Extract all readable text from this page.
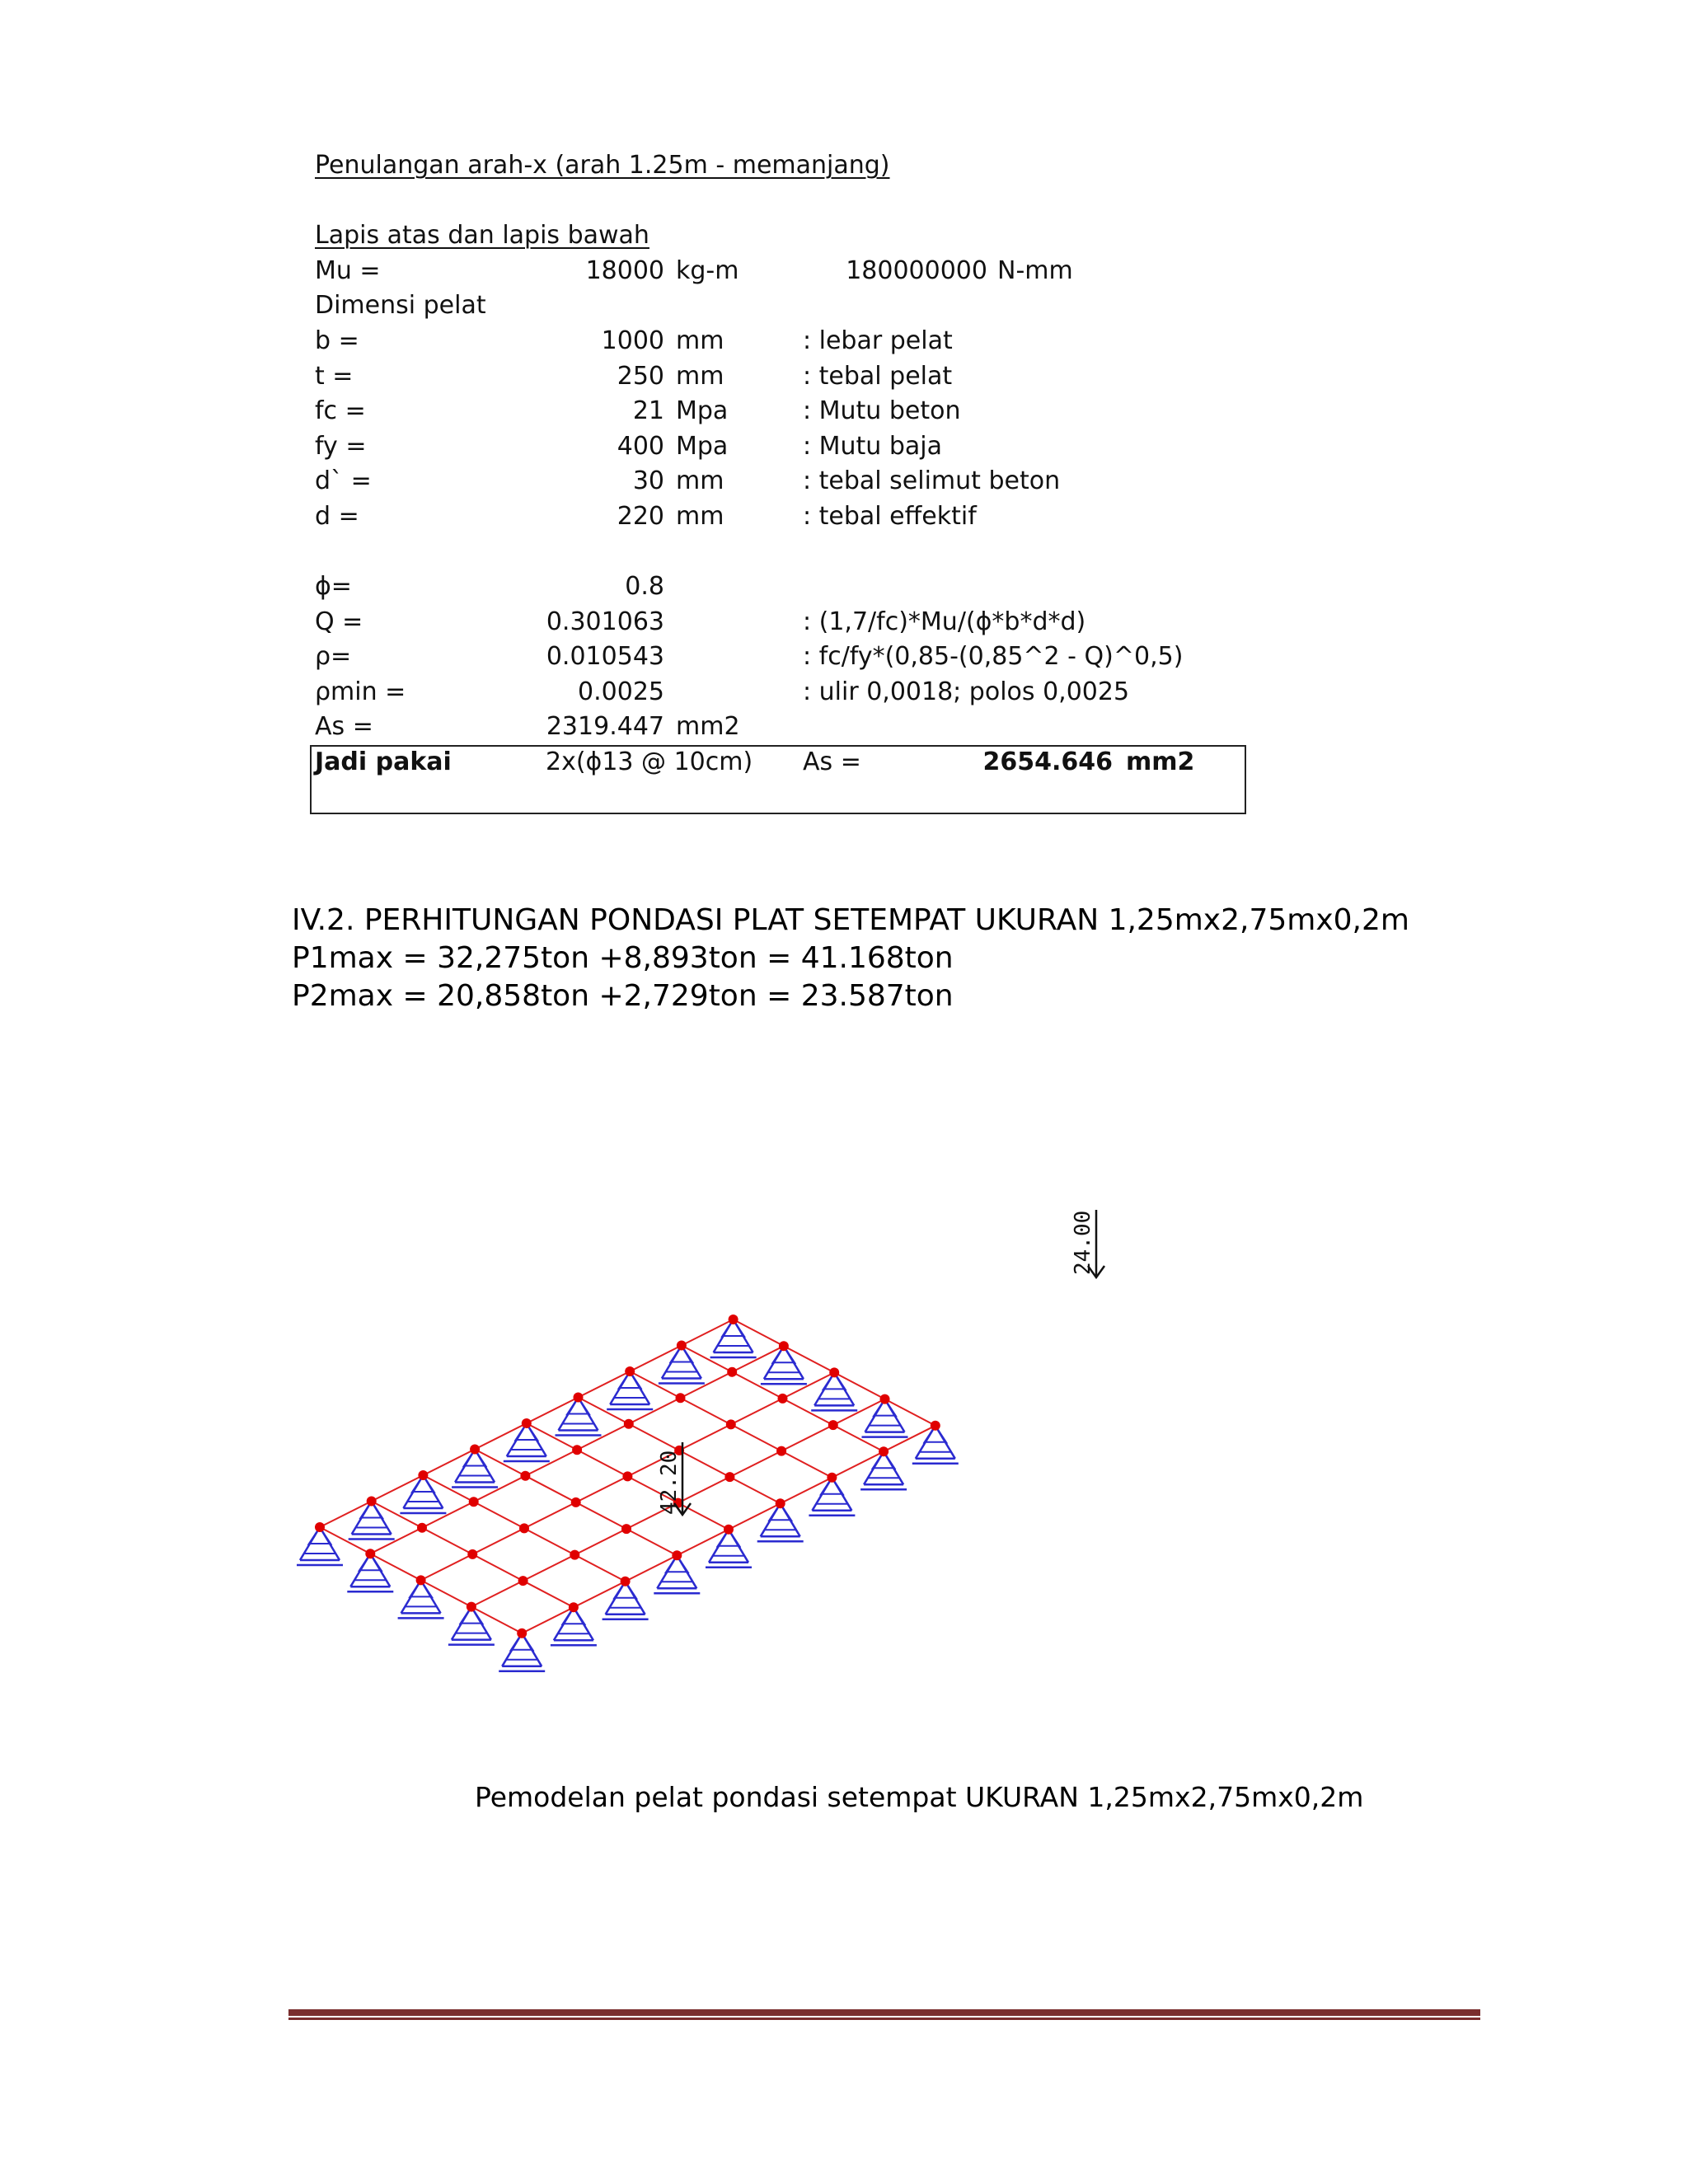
Penulangan arah-x (arah 1.25m - memanjang)
Lapis atas dan lapis bawah
Mu =	18000 kg-m	180000000 N-mm
Dimensi pelat
b =	1000 mm	: lebar pelat
t =	250 mm	: tebal pelat
fc =	21 Mpa	: Mutu beton
fy =	400 Mpa	: Mutu baja
d` =	30 mm	: tebal selimut beton
d =	220 mm	: tebal effektif
ϕ=	0.8
Q =	0.301063	: (1,7/fc)*Mu/(ϕ*b*d*d)
ρ=	0.010543	: fc/fy*(0,85-(0,85^2 - Q)^0,5)
ρmin =	0.0025	: ulir 0,0018; polos 0,0025
As =	2319.447 mm2
Jadi pakai	2x(ϕ13 @ 10cm) As =	2654.646 mm2
IV.2. PERHITUNGAN PONDASI PLAT SETEMPAT UKURAN 1,25mx2,75mx0,2m
P1max = 32,275ton +8,893ton = 41.168ton
P2max = 20,858ton +2,729ton = 23.587ton
24.00
42.20
Pemodelan pelat pondasi setempat UKURAN 1,25mx2,75mx0,2m
